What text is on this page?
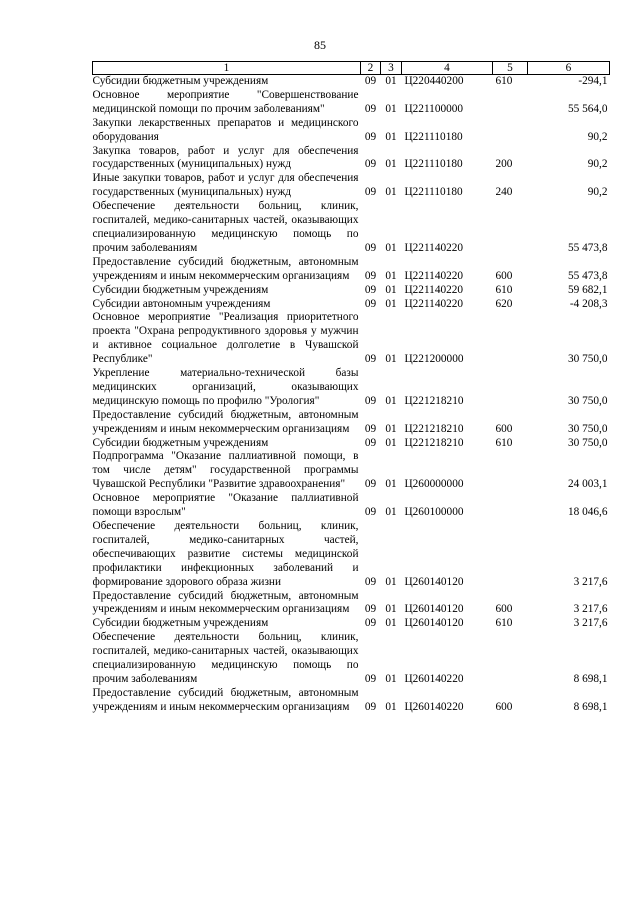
85
1	2	3	4	5	6
Субсидии бюджетным учреждениям	09	01	Ц220440200	610	-294,1
Основное мероприятие "Совершенствование медицинской помощи по прочим заболеваниям"	09	01	Ц221100000		55 564,0
Закупки лекарственных препаратов и медицинского оборудования	09	01	Ц221110180		90,2
Закупка товаров, работ и услуг для обеспечения государственных (муниципальных) нужд	09	01	Ц221110180	200	90,2
Иные закупки товаров, работ и услуг для обеспечения государственных (муниципальных) нужд	09	01	Ц221110180	240	90,2
Обеспечение деятельности больниц, клиник, госпиталей, медико-санитарных частей, оказывающих специализированную медицинскую помощь по прочим заболеваниям	09	01	Ц221140220		55 473,8
Предоставление субсидий бюджетным, автономным учреждениям и иным некоммерческим организациям	09	01	Ц221140220	600	55 473,8
Субсидии бюджетным учреждениям	09	01	Ц221140220	610	59 682,1
Субсидии автономным учреждениям	09	01	Ц221140220	620	-4 208,3
Основное мероприятие "Реализация приоритетного проекта "Охрана репродуктивного здоровья у мужчин и активное социальное долголетие в Чувашской Республике"	09	01	Ц221200000		30 750,0
Укрепление материально-технической базы медицинских организаций, оказывающих медицинскую помощь по профилю "Урология"	09	01	Ц221218210		30 750,0
Предоставление субсидий бюджетным, автономным учреждениям и иным некоммерческим организациям	09	01	Ц221218210	600	30 750,0
Субсидии бюджетным учреждениям	09	01	Ц221218210	610	30 750,0
Подпрограмма "Оказание паллиативной помощи, в том числе детям" государственной программы Чувашской Республики "Развитие здравоохранения"	09	01	Ц260000000		24 003,1
Основное мероприятие "Оказание паллиативной помощи взрослым"	09	01	Ц260100000		18 046,6
Обеспечение деятельности больниц, клиник, госпиталей, медико-санитарных частей, обеспечивающих развитие системы медицинской профилактики инфекционных заболеваний и формирование здорового образа жизни	09	01	Ц260140120		3 217,6
Предоставление субсидий бюджетным, автономным учреждениям и иным некоммерческим организациям	09	01	Ц260140120	600	3 217,6
Субсидии бюджетным учреждениям	09	01	Ц260140120	610	3 217,6
Обеспечение деятельности больниц, клиник, госпиталей, медико-санитарных частей, оказывающих специализированную медицинскую помощь по прочим заболеваниям	09	01	Ц260140220		8 698,1
Предоставление субсидий бюджетным, автономным учреждениям и иным некоммерческим организациям	09	01	Ц260140220	600	8 698,1
